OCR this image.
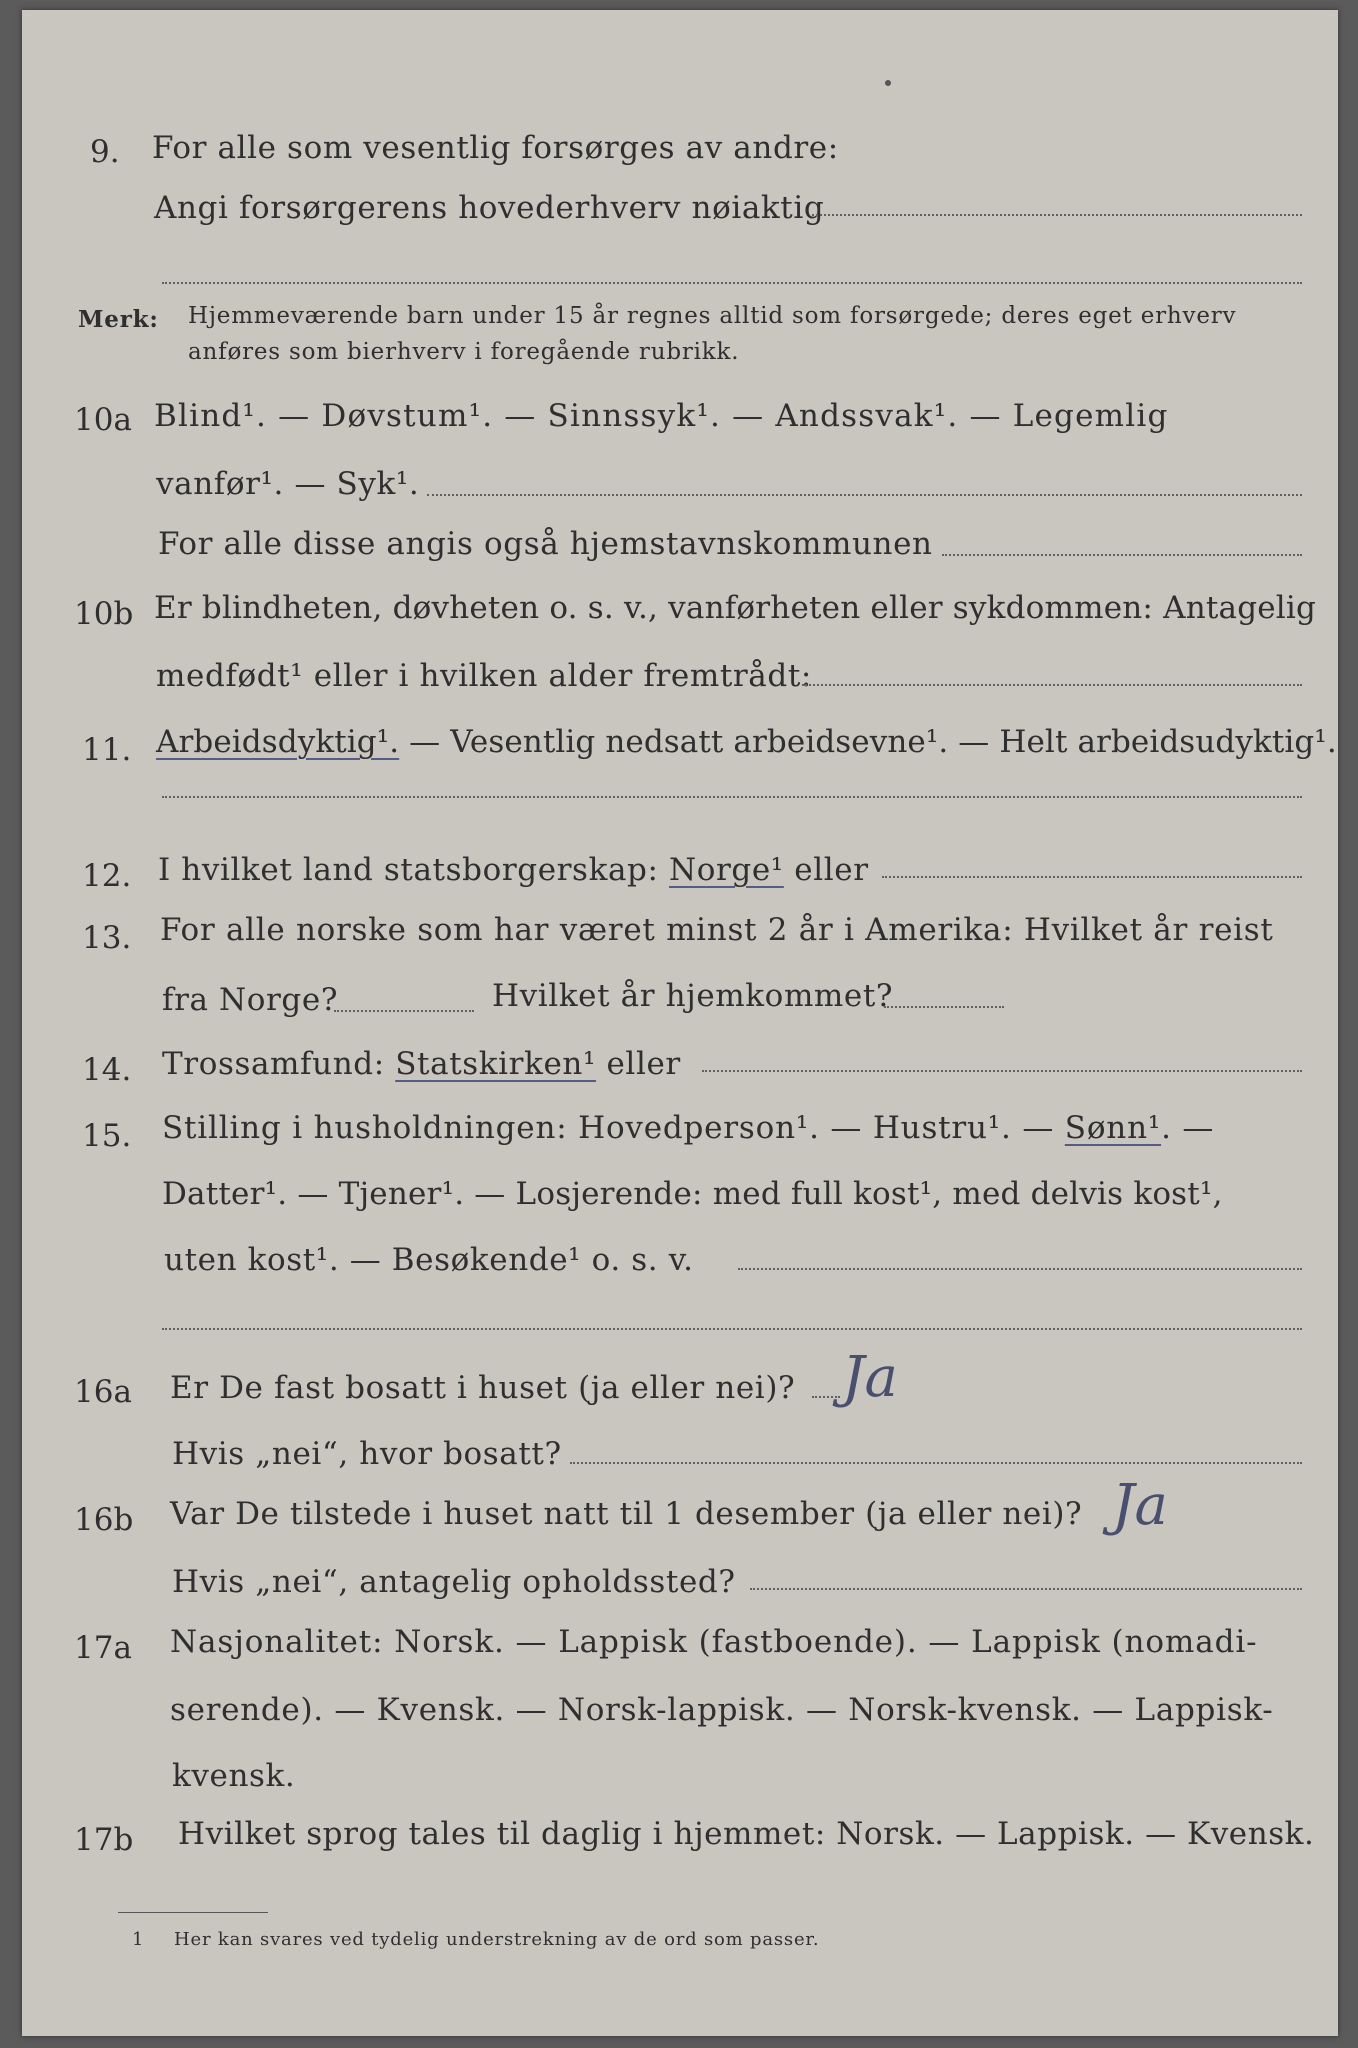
9. For alle som vesentlig forsørges av andre:
Angi forsørgerens hovederhverv nøiaktig
Merk: Hjemmeværende barn under 15 år regnes alltid som forsørgede; deres eget erhverv
anføres som bierhverv i foregående rubrikk.
10a Blind¹. — Døvstum¹. — Sinnssyk¹. — Andssvak¹. — Legemlig
vanfør¹. — Syk¹.
For alle disse angis også hjemstavnskommunen
10b Er blindheten, døvheten o. s. v., vanførheten eller sykdommen: Antagelig
medfødt¹ eller i hvilken alder fremtrådt:
11. Arbeidsdyktig¹. — Vesentlig nedsatt arbeidsevne¹. — Helt arbeidsudyktig¹.
12. I hvilket land statsborgerskap: Norge¹ eller
13. For alle norske som har været minst 2 år i Amerika: Hvilket år reist
fra Norge?	Hvilket år hjemkommet?
14. Trossamfund: Statskirken¹ eller
15. Stilling i husholdningen: Hovedperson¹. — Hustru¹. — Sønn¹. —
Datter¹. — Tjener¹. — Losjerende: med full kost¹, med delvis kost¹,
uten kost¹. — Besøkende¹ o. s. v.
16a Er De fast bosatt i huset (ja eller nei)? Ja
Hvis „nei“, hvor bosatt?
16b Var De tilstede i huset natt til 1 desember (ja eller nei)? Ja
Hvis „nei“, antagelig opholdssted?
17a Nasjonalitet: Norsk. — Lappisk (fastboende). — Lappisk (nomadi-
serende). — Kvensk. — Norsk-lappisk. — Norsk-kvensk. — Lappisk-
kvensk.
17b Hvilket sprog tales til daglig i hjemmet: Norsk. — Lappisk. — Kvensk.
1 Her kan svares ved tydelig understrekning av de ord som passer.
